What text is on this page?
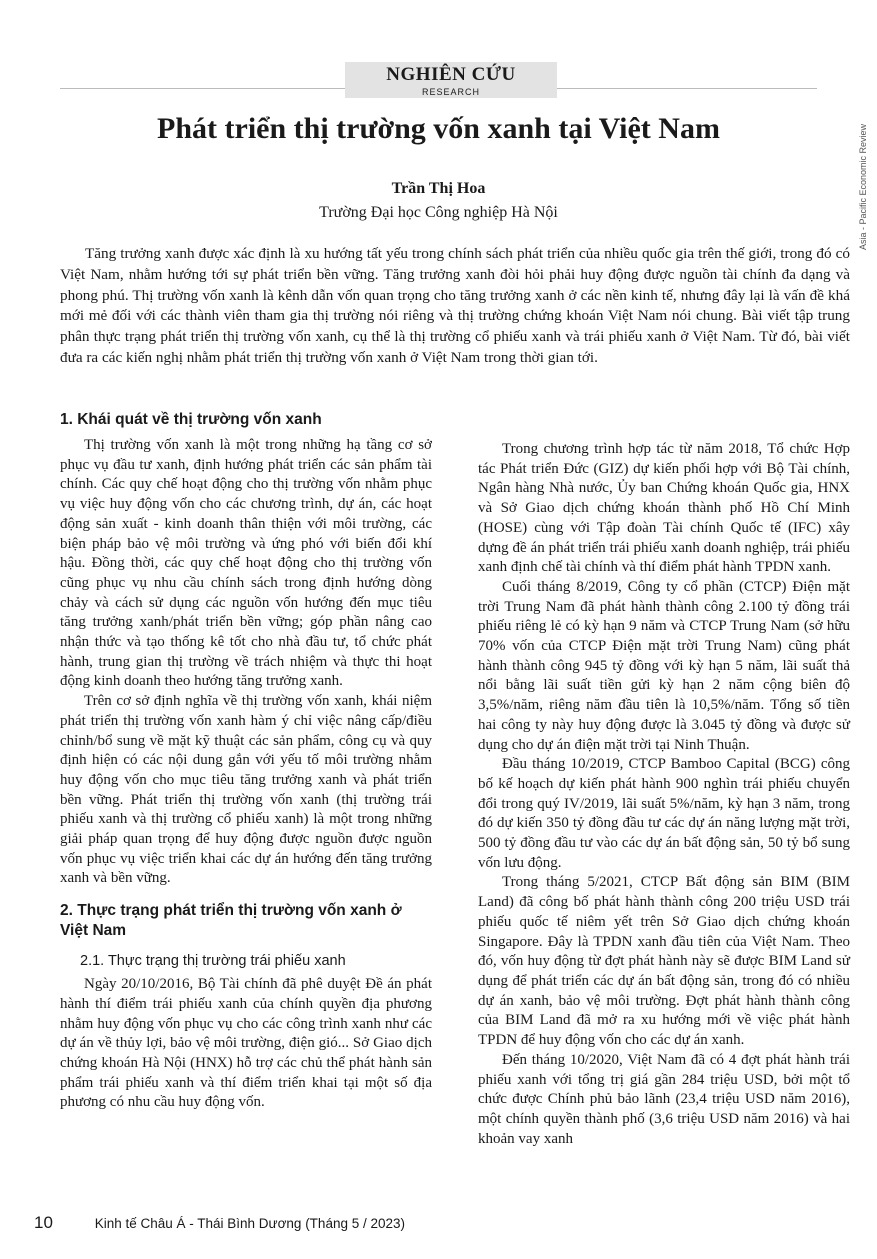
NGHIÊN CỨU
RESEARCH
Asia - Pacific Economic Review
Phát triển thị trường vốn xanh tại Việt Nam
Trần Thị Hoa
Trường Đại học Công nghiệp Hà Nội

Tăng trưởng xanh được xác định là xu hướng tất yếu trong chính sách phát triển của nhiều quốc gia trên thế giới, trong đó có Việt Nam, nhằm hướng tới sự phát triển bền vững. Tăng trưởng xanh đòi hỏi phải huy động được nguồn tài chính đa dạng và phong phú. Thị trường vốn xanh là kênh dẫn vốn quan trọng cho tăng trưởng xanh ở các nền kinh tế, nhưng đây lại là vấn đề khá mới mẻ đối với các thành viên tham gia thị trường nói riêng và thị trường chứng khoán Việt Nam nói chung. Bài viết tập trung phân thực trạng phát triển thị trường vốn xanh, cụ thể là thị trường cổ phiếu xanh và trái phiếu xanh ở Việt Nam. Từ đó, bài viết đưa ra các kiến nghị nhằm phát triển thị trường vốn xanh ở Việt Nam trong thời gian tới.

1. Khái quát về thị trường vốn xanh

Thị trường vốn xanh là một trong những hạ tầng cơ sở phục vụ đầu tư xanh, định hướng phát triển các sản phẩm tài chính. Các quy chế hoạt động cho thị trường vốn nhằm phục vụ việc huy động vốn cho các chương trình, dự án, các hoạt động sản xuất - kinh doanh thân thiện với môi trường, các biện pháp bảo vệ môi trường và ứng phó với biến đổi khí hậu. Đồng thời, các quy chế hoạt động cho thị trường vốn cũng phục vụ nhu cầu chính sách trong định hướng dòng chảy và cách sử dụng các nguồn vốn hướng đến mục tiêu tăng trưởng xanh/phát triển bền vững; góp phần nâng cao nhận thức và tạo thống kê tốt cho nhà đầu tư, tổ chức phát hành, trung gian thị trường về trách nhiệm và thực thi hoạt động kinh doanh theo hướng tăng trưởng xanh.

Trên cơ sở định nghĩa về thị trường vốn xanh, khái niệm phát triển thị trường vốn xanh hàm ý chỉ việc nâng cấp/điều chỉnh/bổ sung về mặt kỹ thuật các sản phẩm, công cụ và quy định hiện có các nội dung gắn với yếu tố môi trường nhằm huy động vốn cho mục tiêu tăng trưởng xanh và phát triển bền vững. Phát triển thị trường vốn xanh (thị trường trái phiếu xanh và thị trường cổ phiếu xanh) là một trong những giải pháp quan trọng để huy động được nguồn được nguồn vốn phục vụ việc triển khai các dự án hướng đến tăng trưởng xanh và bền vững.

2. Thực trạng phát triển thị trường vốn xanh ở Việt Nam
2.1. Thực trạng thị trường trái phiếu xanh

Ngày 20/10/2016, Bộ Tài chính đã phê duyệt Đề án phát hành thí điểm trái phiếu xanh của chính quyền địa phương nhằm huy động vốn phục vụ cho các công trình xanh như các dự án về thủy lợi, bảo vệ môi trường, điện gió... Sở Giao dịch chứng khoán Hà Nội (HNX) hỗ trợ các chủ thể phát hành sản phẩm trái phiếu xanh và thí điểm triển khai tại một số địa phương có nhu cầu huy động vốn.

Trong chương trình hợp tác từ năm 2018, Tổ chức Hợp tác Phát triển Đức (GIZ) dự kiến phối hợp với Bộ Tài chính, Ngân hàng Nhà nước, Ủy ban Chứng khoán Quốc gia, HNX và Sở Giao dịch chứng khoán thành phố Hồ Chí Minh (HOSE) cùng với Tập đoàn Tài chính Quốc tế (IFC) xây dựng đề án phát triển trái phiếu xanh doanh nghiệp, trái phiếu xanh định chế tài chính và thí điểm phát hành TPDN xanh.

Cuối tháng 8/2019, Công ty cổ phần (CTCP) Điện mặt trời Trung Nam đã phát hành thành công 2.100 tỷ đồng trái phiếu riêng lẻ có kỳ hạn 9 năm và CTCP Trung Nam (sở hữu 70% vốn của CTCP Điện mặt trời Trung Nam) cũng phát hành thành công 945 tỷ đồng với kỳ hạn 5 năm, lãi suất thả nổi bằng lãi suất tiền gửi kỳ hạn 2 năm cộng biên độ 3,5%/năm, riêng năm đầu tiên là 10,5%/năm. Tổng số tiền hai công ty này huy động được là 3.045 tỷ đồng và được sử dụng cho dự án điện mặt trời tại Ninh Thuận.

Đầu tháng 10/2019, CTCP Bamboo Capital (BCG) công bố kế hoạch dự kiến phát hành 900 nghìn trái phiếu chuyển đổi trong quý IV/2019, lãi suất 5%/năm, kỳ hạn 3 năm, trong đó dự kiến 350 tỷ đồng đầu tư các dự án năng lượng mặt trời, 500 tỷ đồng đầu tư vào các dự án bất động sản, 50 tỷ bổ sung vốn lưu động.

Trong tháng 5/2021, CTCP Bất động sản BIM (BIM Land) đã công bố phát hành thành công 200 triệu USD trái phiếu quốc tế niêm yết trên Sở Giao dịch chứng khoán Singapore. Đây là TPDN xanh đầu tiên của Việt Nam. Theo đó, vốn huy động từ đợt phát hành này sẽ được BIM Land sử dụng để phát triển các dự án bất động sản, trong đó có nhiều dự án xanh, bảo vệ môi trường. Đợt phát hành thành công của BIM Land đã mở ra xu hướng mới về việc phát hành TPDN để huy động vốn cho các dự án xanh.

Đến tháng 10/2020, Việt Nam đã có 4 đợt phát hành trái phiếu xanh với tổng trị giá gần 284 triệu USD, bởi một tổ chức được Chính phủ bảo lãnh (23,4 triệu USD năm 2016), một chính quyền thành phố (3,6 triệu USD năm 2016) và hai khoản vay xanh

10	Kinh tế Châu Á - Thái Bình Dương (Tháng 5 / 2023)
